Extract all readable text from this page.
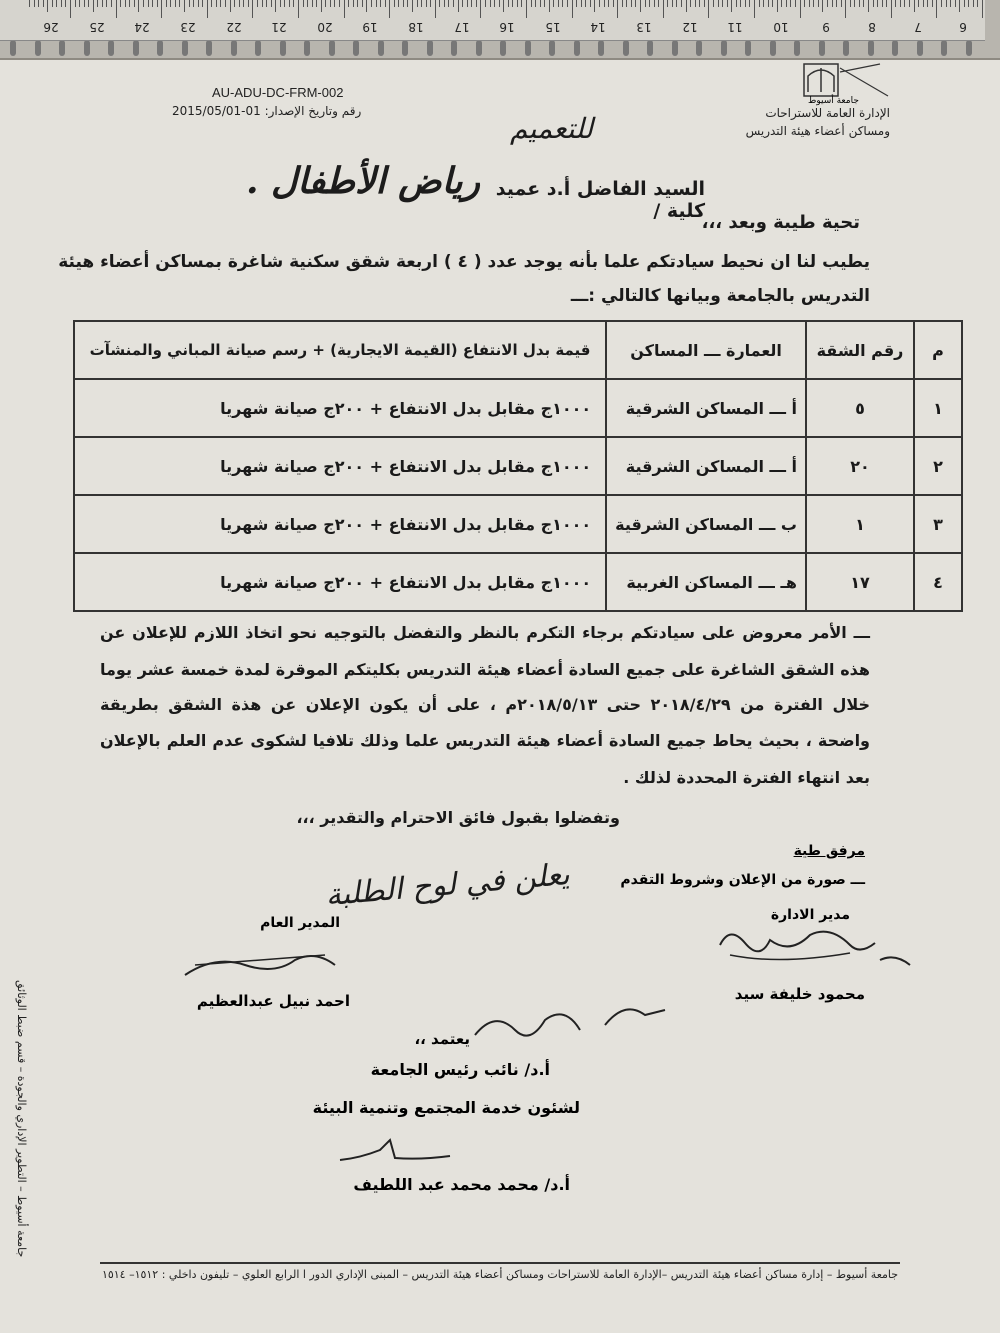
6
7
8
9
10
11
12
13
14
15
16
17
18
19
20
21
22
23
24
25
26
جامعة أسيوط
الإدارة العامة للاستراحات
ومساكن أعضاء هيئة التدريس
AU-ADU-DC-FRM-002
رقم وتاريخ الإصدار: 2015/05/01-01
للتعميم
السيد الفاضل أ.د عميد كلية /
رياض الأطفال .
تحية طيبة وبعد ،،،
يطيب لنا ان نحيط سيادتكم علما بأنه يوجد عدد ( ٤ ) اربعة شقق سكنية شاغرة بمساكن أعضاء هيئة
التدريس بالجامعة وبيانها كالتالي :ـــ
م	رقم الشقة	العمارة ـــ المساكن	قيمة بدل الانتفاع (القيمة الايجارية) + رسم صيانة المباني والمنشآت
١	٥	أ ـــ المساكن الشرقية	١٠٠٠ج مقابل بدل الانتفاع + ٢٠٠ج صيانة شهريا
٢	٢٠	أ ـــ المساكن الشرقية	١٠٠٠ج مقابل بدل الانتفاع + ٢٠٠ج صيانة شهريا
٣	١	ب ـــ المساكن الشرقية	١٠٠٠ج مقابل بدل الانتفاع + ٢٠٠ج صيانة شهريا
٤	١٧	هـ ـــ المساكن الغربية	١٠٠٠ج مقابل بدل الانتفاع + ٢٠٠ج صيانة شهريا
ـــ الأمر معروض على سيادتكم برجاء التكرم بالنظر والتفضل بالتوجيه نحو اتخاذ اللازم للإعلان عن
هذه الشقق الشاغرة على جميع السادة أعضاء هيئة التدريس بكليتكم الموقرة لمدة خمسة عشر يوما
خلال الفترة من ٢٠١٨/٤/٢٩ حتى ٢٠١٨/٥/١٣م ، على أن يكون الإعلان عن هذة الشقق بطريقة
واضحة ، بحيث يحاط جميع السادة أعضاء هيئة التدريس علما وذلك تلافيا لشكوى عدم العلم بالإعلان
بعد انتهاء الفترة المحددة لذلك .
وتفضلوا بقبول فائق الاحترام والتقدير ،،،
مرفق طية
ـــ صورة من الإعلان وشروط التقدم
يعلن في لوح الطلبة
مدير الادارة
محمود خليفة سيد
المدير العام
احمد نبيل عبدالعظيم
يعتمد ،،
أ.د/ نائب رئيس الجامعة
لشئون خدمة المجتمع وتنمية البيئة
أ.د/ محمد محمد عبد اللطيف
جامعة أسيوط – التطوير الإداري والجودة – قسم ضبط الوثائق
جامعة أسيوط – إدارة مساكن أعضاء هيئة التدريس –الإدارة العامة للاستراحات ومساكن أعضاء هيئة التدريس – المبنى الإداري الدور ا الرابع العلوي – تليفون داخلي : ١٥١٢– ١٥١٤
